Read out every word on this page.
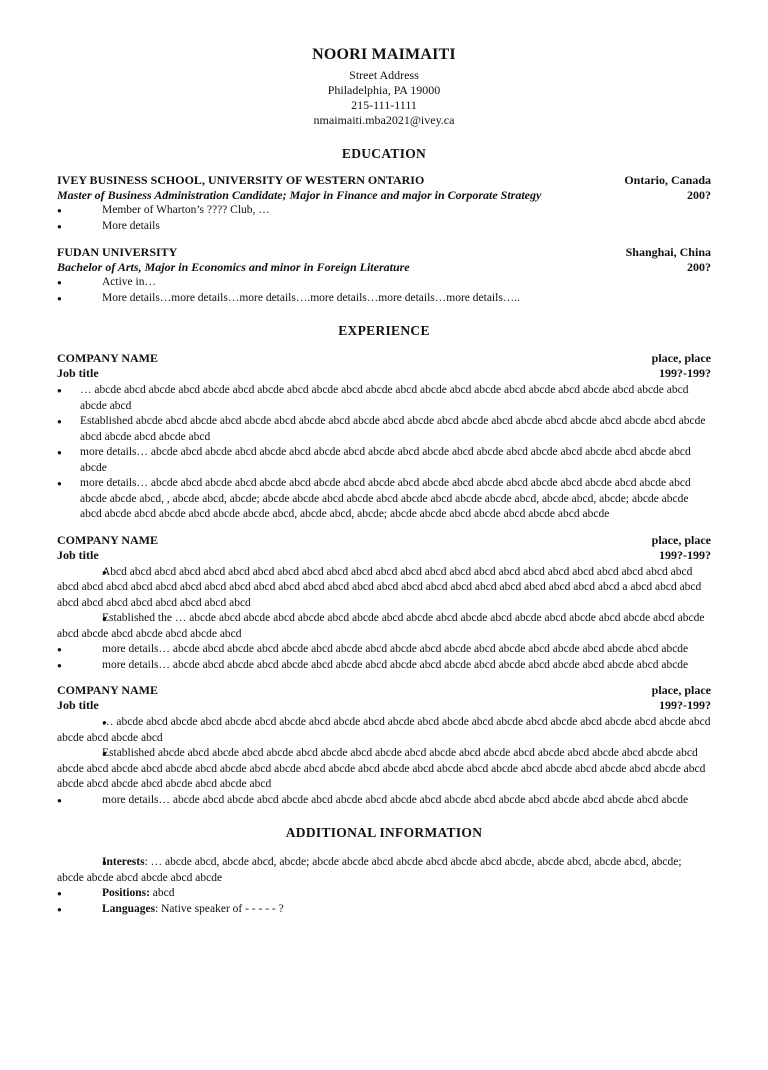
NOORI MAIMAITI
Street Address
Philadelphia, PA 19000
215-111-1111
nmaimaiti.mba2021@ivey.ca
EDUCATION
IVEY BUSINESS SCHOOL, UNIVERSITY OF WESTERN ONTARIO	Ontario, Canada
Master of Business Administration Candidate; Major in Finance and major in Corporate Strategy	200?
● Member of Wharton’s ???? Club, …
● More details
FUDAN UNIVERSITY	Shanghai, China
Bachelor of Arts, Major in Economics and minor in Foreign Literature	200?
● Active in…
● More details…more details…more details….more details…more details…more details…..
EXPERIENCE
COMPANY NAME	place, place
Job title	199?-199?
● … abcde abcd abcde abcd abcde abcd abcde abcd abcde abcd abcde abcd abcde abcd abcde abcd abcde abcd abcde abcd abcde abcd abcde abcd
● Established abcde abcd abcde abcd abcde abcd abcde abcd abcde abcd abcde abcd abcde abcd abcde abcd abcde abcd abcde abcd abcde abcd abcde abcd abcde abcd
● more details… abcde abcd abcde abcd abcde abcd abcde abcd abcde abcd abcde abcd abcde abcd abcde abcd abcde abcd abcde abcd abcde
● more details… abcde abcd abcde abcd abcde abcd abcde abcd abcde abcd abcde abcd abcde abcd abcde abcd abcde abcd abcde abcd abcde abcde abcd, , abcde abcd, abcde; abcde abcde abcd abcde abcd abcde abcd abcde abcde abcd, abcde abcd, abcde; abcde abcde abcd abcde abcd abcde abcd abcde abcde abcd, abcde abcd, abcde; abcde abcde abcd abcde abcd abcde abcd abcde
COMPANY NAME	place, place
Job title	199?-199?
● Abcd abcd abcd abcd abcd abcd abcd abcd abcd abcd abcd abcd abcd abcd abcd abcd abcd abcd abcd abcd abcd abcd abcd abcd abcd abcd abcd abcd abcd abcd abcd abcd abcd abcd abcd abcd abcd abcd abcd abcd abcd abcd abcd abcd abcd abcd abcd a abcd abcd abcd abcd abcd abcd abcd abcd abcd abcd abcd
● Established the … abcde abcd abcde abcd abcde abcd abcde abcd abcde abcd abcde abcd abcde abcd abcde abcd abcde abcd abcde abcd abcde abcd abcde abcd abcde abcd
● more details… abcde abcd abcde abcd abcde abcd abcde abcd abcde abcd abcde abcd abcde abcd abcde abcd abcde abcd abcde
● more details… abcde abcd abcde abcd abcde abcd abcde abcd abcde abcd abcde abcd abcde abcd abcde abcd abcde abcd abcde
COMPANY NAME	place, place
Job title	199?-199?
● … abcde abcd abcde abcd abcde abcd abcde abcd abcde abcd abcde abcd abcde abcd abcde abcd abcde abcd abcde abcd abcde abcd abcde abcd abcde abcd
● Established abcde abcd abcde abcd abcde abcd abcde abcd abcde abcd abcde abcd abcde abcd abcde abcd abcde abcd abcde abcd abcde abcd abcde abcd abcde abcd abcde abcd abcde abcd abcde abcd abcde abcd abcde abcd abcde abcd abcde abcd abcde abcd abcde abcd abcde abcd abcde abcd abcde abcd abcde abcd
● more details… abcde abcd abcde abcd abcde abcd abcde abcd abcde abcd abcde abcd abcde abcd abcde abcd abcde abcd abcde
ADDITIONAL INFORMATION
● Interests: … abcde abcd, abcde abcd, abcde; abcde abcde abcd abcde abcd abcde abcd abcde, abcde abcd, abcde abcd, abcde; abcde abcde abcd abcde abcd abcde
● Positions: abcd
● Languages: Native speaker of - - - - - ?
